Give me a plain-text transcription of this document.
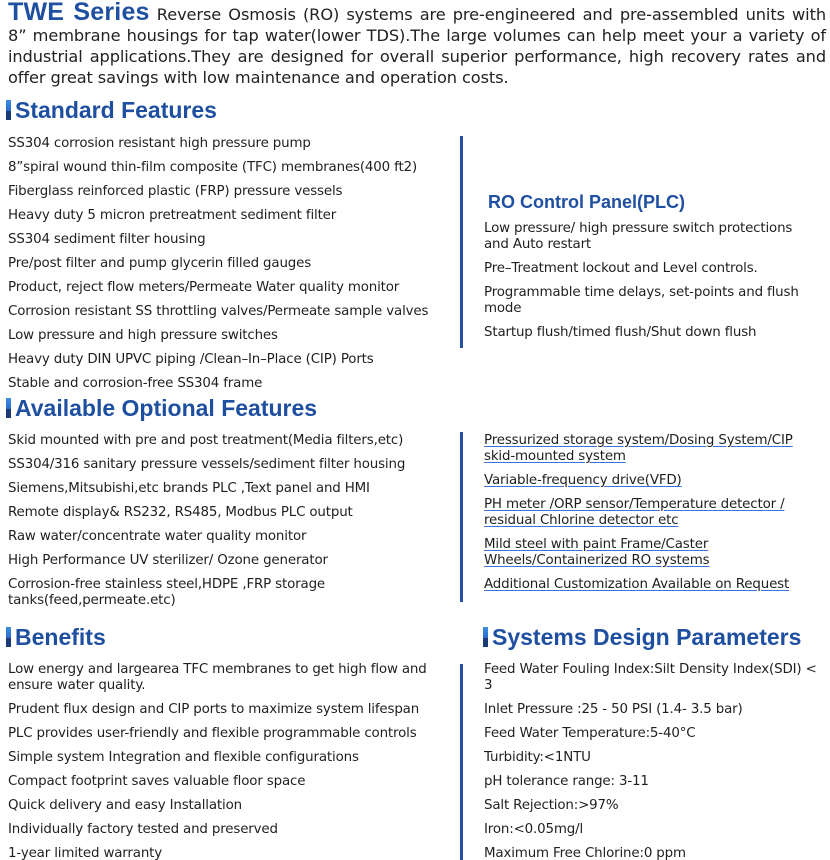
TWE Series Reverse Osmosis (RO) systems are pre-engineered and pre-assembled units with 8” membrane housings for tap water(lower TDS).The large volumes can help meet your a variety of industrial applications.They are designed for overall superior performance, high recovery rates and offer great savings with low maintenance and operation costs.
Standard Features
SS304 corrosion resistant high pressure pump
8”spiral wound thin-film composite (TFC) membranes(400 ft2)
Fiberglass reinforced plastic (FRP) pressure vessels
Heavy duty 5 micron pretreatment sediment filter
SS304 sediment filter housing
Pre/post filter and pump glycerin filled gauges
Product, reject flow meters/Permeate Water quality monitor
Corrosion resistant SS throttling valves/Permeate sample valves
Low pressure and high pressure switches
Heavy duty DIN UPVC piping /Clean–In–Place (CIP) Ports
Stable and corrosion-free SS304 frame
RO Control Panel(PLC)
Low pressure/ high pressure switch protections and Auto restart
Pre–Treatment lockout and Level controls.
Programmable time delays, set-points and flush mode
Startup flush/timed flush/Shut down flush
Available Optional Features
Skid mounted with pre and post treatment(Media filters,etc)
SS304/316 sanitary pressure vessels/sediment filter housing
Siemens,Mitsubishi,etc brands PLC ,Text panel and HMI
Remote display& RS232, RS485, Modbus PLC output
Raw water/concentrate water quality monitor
High Performance UV sterilizer/ Ozone generator
Corrosion-free stainless steel,HDPE ,FRP storage tanks(feed,permeate.etc)
Pressurized storage system/Dosing System/CIP skid-mounted system
Variable-frequency drive(VFD)
PH meter /ORP sensor/Temperature detector / residual Chlorine detector etc
Mild steel with paint Frame/Caster Wheels/Containerized RO systems
Additional Customization Available on Request
Benefits
Low energy and largearea TFC membranes to get high flow and ensure water quality.
Prudent flux design and CIP ports to maximize system lifespan
PLC provides user-friendly and flexible programmable controls
Simple system Integration and flexible configurations
Compact footprint saves valuable floor space
Quick delivery and easy Installation
Individually factory tested and preserved
1-year limited warranty
Systems Design Parameters
Feed Water Fouling Index:Silt Density Index(SDI) < 3
Inlet Pressure :25 - 50 PSI (1.4- 3.5 bar)
Feed Water Temperature:5-40°C
Turbidity:<1NTU
pH tolerance range: 3-11
Salt Rejection:>97%
Iron:<0.05mg/l
Maximum Free Chlorine:0 ppm
